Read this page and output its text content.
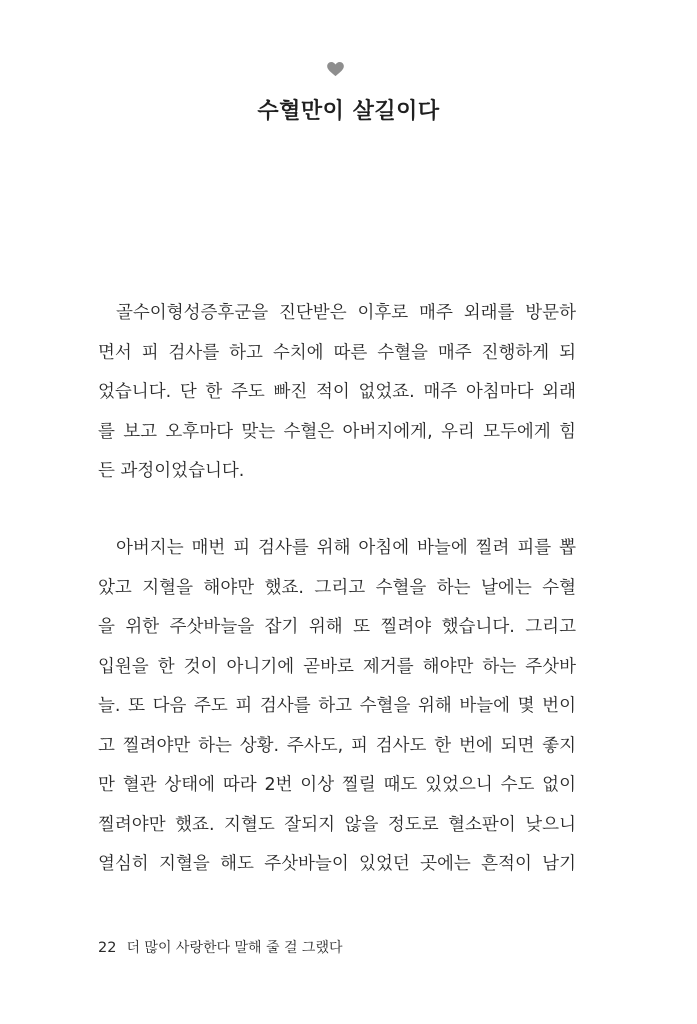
수혈만이 살길이다
골수이형성증후군을 진단받은 이후로 매주 외래를 방문하
면서 피 검사를 하고 수치에 따른 수혈을 매주 진행하게 되
었습니다. 단 한 주도 빠진 적이 없었죠. 매주 아침마다 외래
를 보고 오후마다 맞는 수혈은 아버지에게, 우리 모두에게 힘
든 과정이었습니다.
아버지는 매번 피 검사를 위해 아침에 바늘에 찔려 피를 뽑
았고 지혈을 해야만 했죠. 그리고 수혈을 하는 날에는 수혈
을 위한 주삿바늘을 잡기 위해 또 찔려야 했습니다. 그리고
입원을 한 것이 아니기에 곧바로 제거를 해야만 하는 주삿바
늘. 또 다음 주도 피 검사를 하고 수혈을 위해 바늘에 몇 번이
고 찔려야만 하는 상황. 주사도, 피 검사도 한 번에 되면 좋지
만 혈관 상태에 따라 2번 이상 찔릴 때도 있었으니 수도 없이
찔려야만 했죠. 지혈도 잘되지 않을 정도로 혈소판이 낮으니
열심히 지혈을 해도 주삿바늘이 있었던 곳에는 흔적이 남기
22 더 많이 사랑한다 말해 줄 걸 그랬다
